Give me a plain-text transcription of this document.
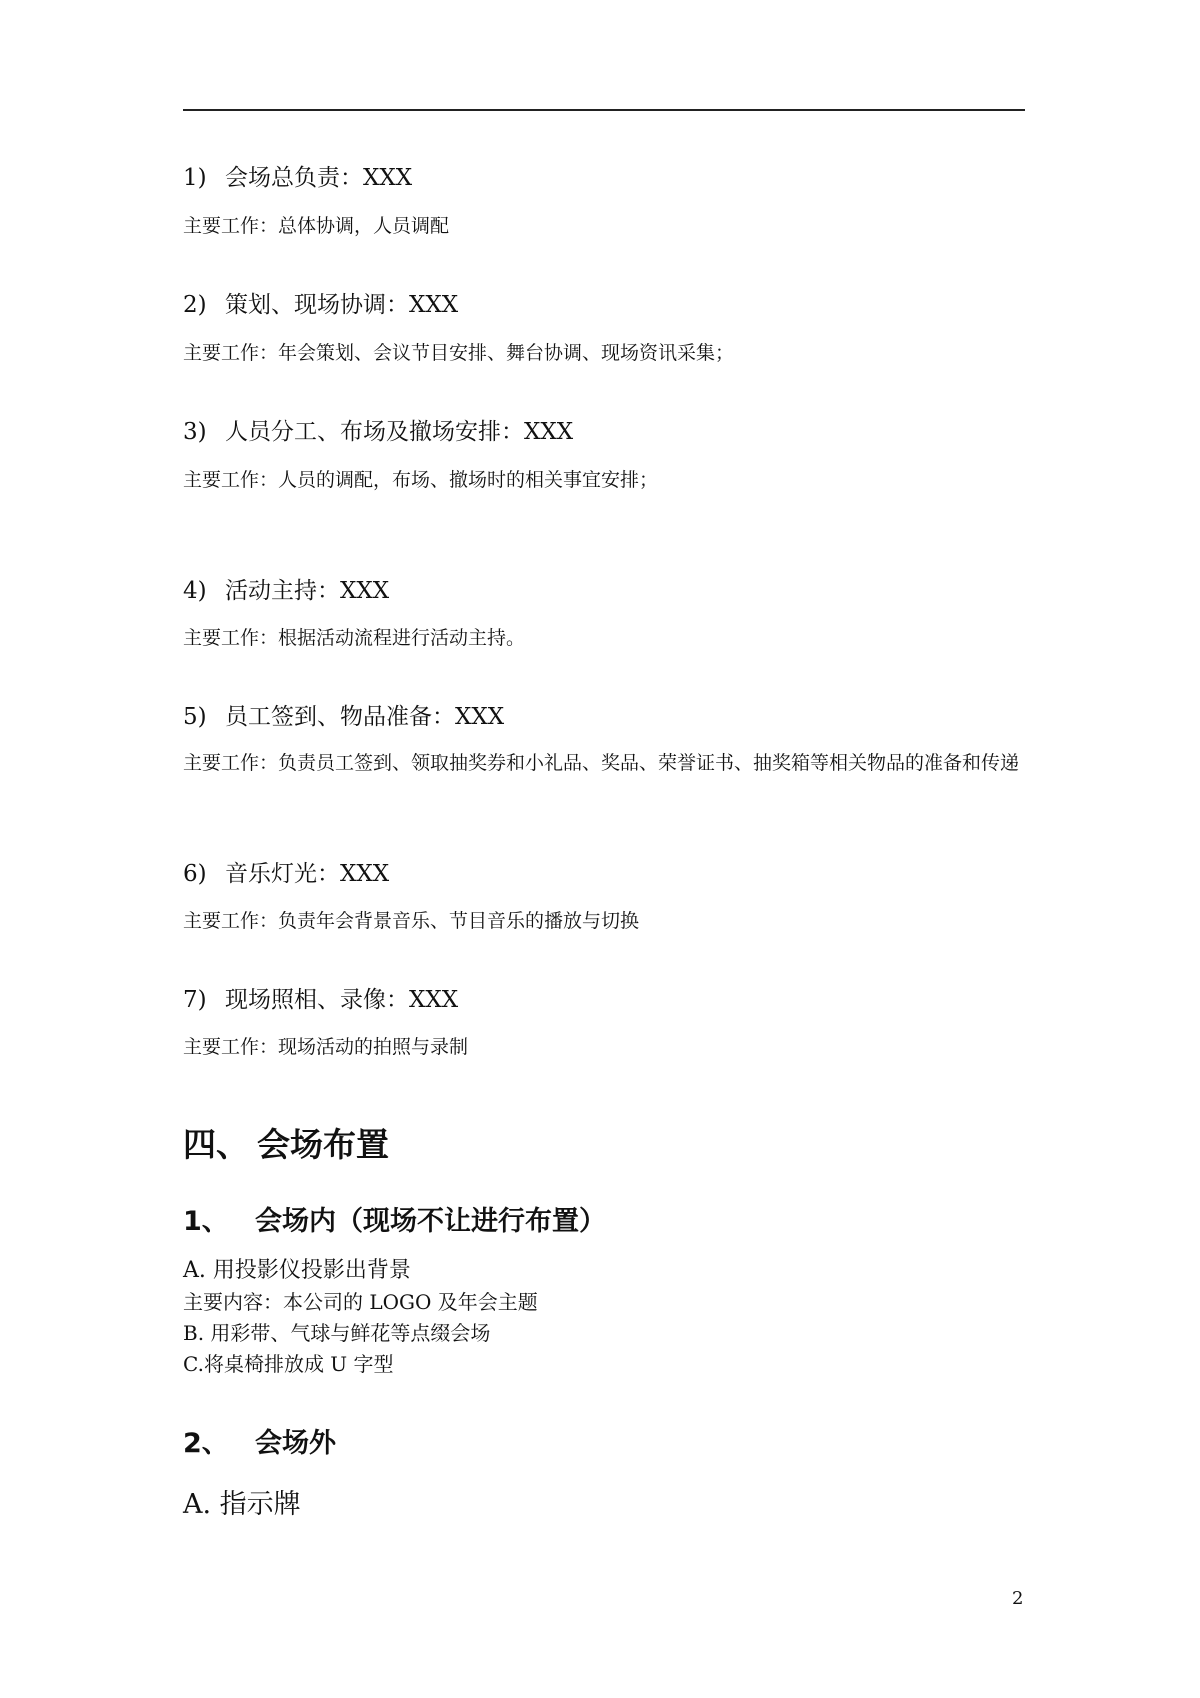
1) 会场总负责：XXX
主要工作：总体协调，人员调配
2) 策划、现场协调：XXX
主要工作：年会策划、会议节目安排、舞台协调、现场资讯采集；
3) 人员分工、布场及撤场安排：XXX
主要工作：人员的调配，布场、撤场时的相关事宜安排；
4) 活动主持：XXX
主要工作：根据活动流程进行活动主持。
5) 员工签到、物品准备：XXX
主要工作：负责员工签到、领取抽奖券和小礼品、奖品、荣誉证书、抽奖箱等相关物品的准备和传递
6) 音乐灯光：XXX
主要工作：负责年会背景音乐、节目音乐的播放与切换
7) 现场照相、录像：XXX
主要工作：现场活动的拍照与录制
四、 会场布置
1、 会场内（现场不让进行布置）
A. 用投影仪投影出背景
主要内容：本公司的 LOGO 及年会主题
B. 用彩带、气球与鲜花等点缀会场
C.将桌椅排放成 U 字型
2、 会场外
A. 指示牌
2
